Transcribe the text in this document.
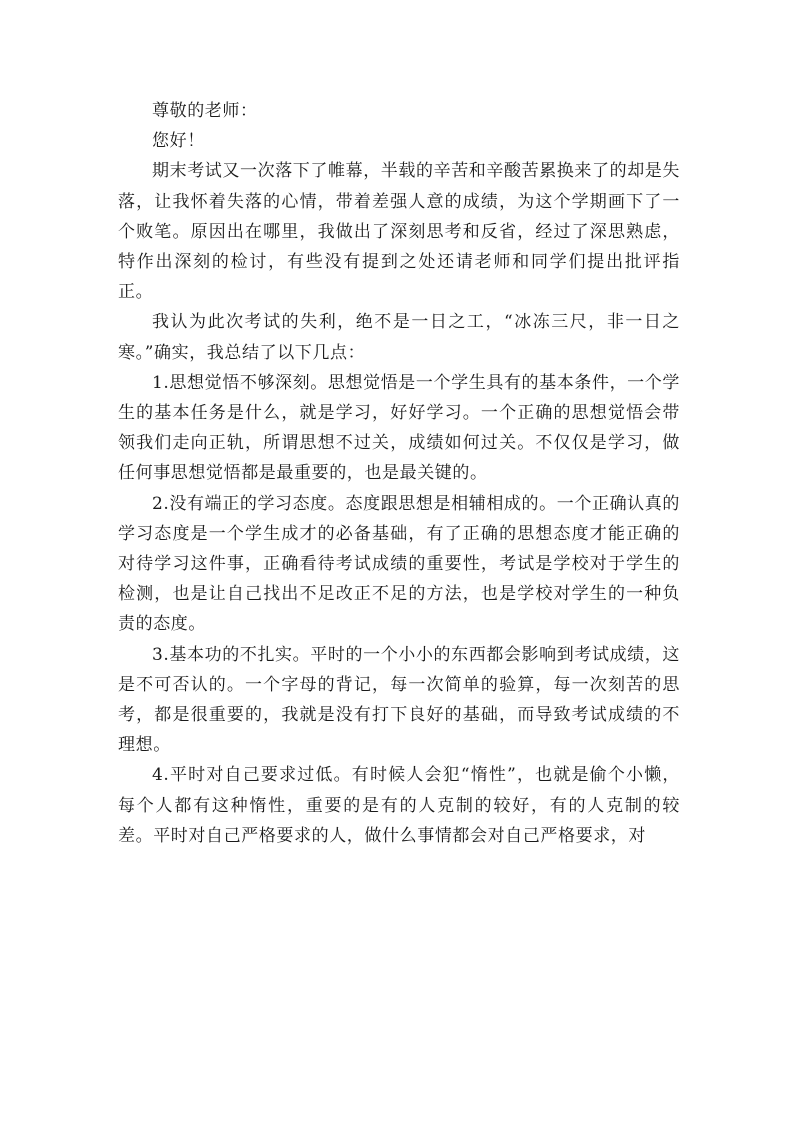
尊敬的老师：

您好！

期末考试又一次落下了帷幕，半载的辛苦和辛酸苦累换来了的却是失落，让我怀着失落的心情，带着差强人意的成绩，为这个学期画下了一个败笔。原因出在哪里，我做出了深刻思考和反省，经过了深思熟虑，特作出深刻的检讨，有些没有提到之处还请老师和同学们提出批评指正。

我认为此次考试的失利，绝不是一日之工，“冰冻三尺，非一日之寒。”确实，我总结了以下几点：

1.思想觉悟不够深刻。思想觉悟是一个学生具有的基本条件，一个学生的基本任务是什么，就是学习，好好学习。一个正确的思想觉悟会带领我们走向正轨，所谓思想不过关，成绩如何过关。不仅仅是学习，做任何事思想觉悟都是最重要的，也是最关键的。

2.没有端正的学习态度。态度跟思想是相辅相成的。一个正确认真的学习态度是一个学生成才的必备基础，有了正确的思想态度才能正确的对待学习这件事，正确看待考试成绩的重要性，考试是学校对于学生的检测，也是让自己找出不足改正不足的方法，也是学校对学生的一种负责的态度。

3.基本功的不扎实。平时的一个小小的东西都会影响到考试成绩，这是不可否认的。一个字母的背记，每一次简单的验算，每一次刻苦的思考，都是很重要的，我就是没有打下良好的基础，而导致考试成绩的不理想。

4.平时对自己要求过低。有时候人会犯“惰性”，也就是偷个小懒，每个人都有这种惰性，重要的是有的人克制的较好，有的人克制的较差。平时对自己严格要求的人，做什么事情都会对自己严格要求，对
